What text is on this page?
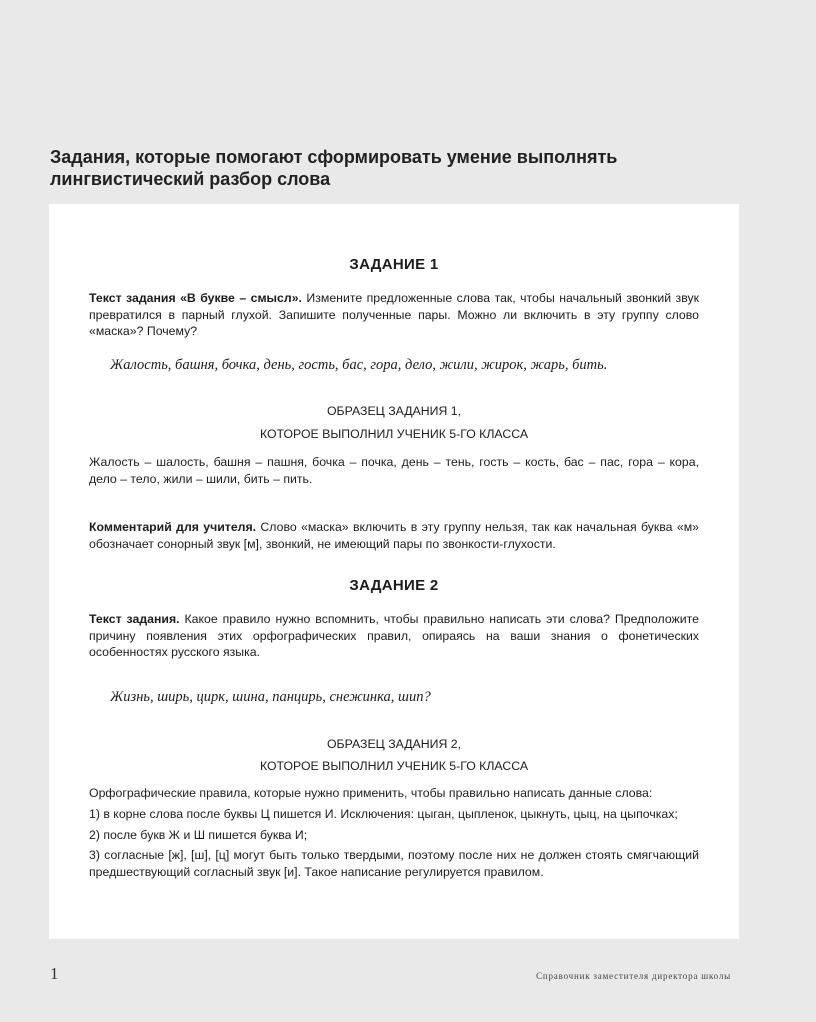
Задания, которые помогают сформировать умение выполнять лингвистический разбор слова
ЗАДАНИЕ 1
Текст задания «В букве – смысл». Измените предложенные слова так, чтобы начальный звонкий звук превратился в парный глухой. Запишите полученные пары. Можно ли включить в эту группу слово «маска»? Почему?
Жалость, башня, бочка, день, гость, бас, гора, дело, жили, жирок, жарь, бить.
ОБРАЗЕЦ ЗАДАНИЯ 1,
КОТОРОЕ ВЫПОЛНИЛ УЧЕНИК 5-ГО КЛАССА
Жалость – шалость, башня – пашня, бочка – почка, день – тень, гость – кость, бас – пас, гора – кора, дело – тело, жили – шили, бить – пить.
Комментарий для учителя. Слово «маска» включить в эту группу нельзя, так как начальная буква «м» обозначает сонорный звук [м], звонкий, не имеющий пары по звонкости-глухости.
ЗАДАНИЕ 2
Текст задания. Какое правило нужно вспомнить, чтобы правильно написать эти слова? Предположите причину появления этих орфографических правил, опираясь на ваши знания о фонетических особенностях русского языка.
Жизнь, ширь, цирк, шина, панцирь, снежинка, шип?
ОБРАЗЕЦ ЗАДАНИЯ 2,
КОТОРОЕ ВЫПОЛНИЛ УЧЕНИК 5-ГО КЛАССА
Орфографические правила, которые нужно применить, чтобы правильно написать данные слова:
1) в корне слова после буквы Ц пишется И. Исключения: цыган, цыпленок, цыкнуть, цыц, на цыпочках;
2) после букв Ж и Ш пишется буква И;
3) согласные [ж], [ш], [ц] могут быть только твердыми, поэтому после них не должен стоять смягчающий предшествующий согласный звук [и]. Такое написание регулируется правилом.
1	Справочник заместителя директора школы
